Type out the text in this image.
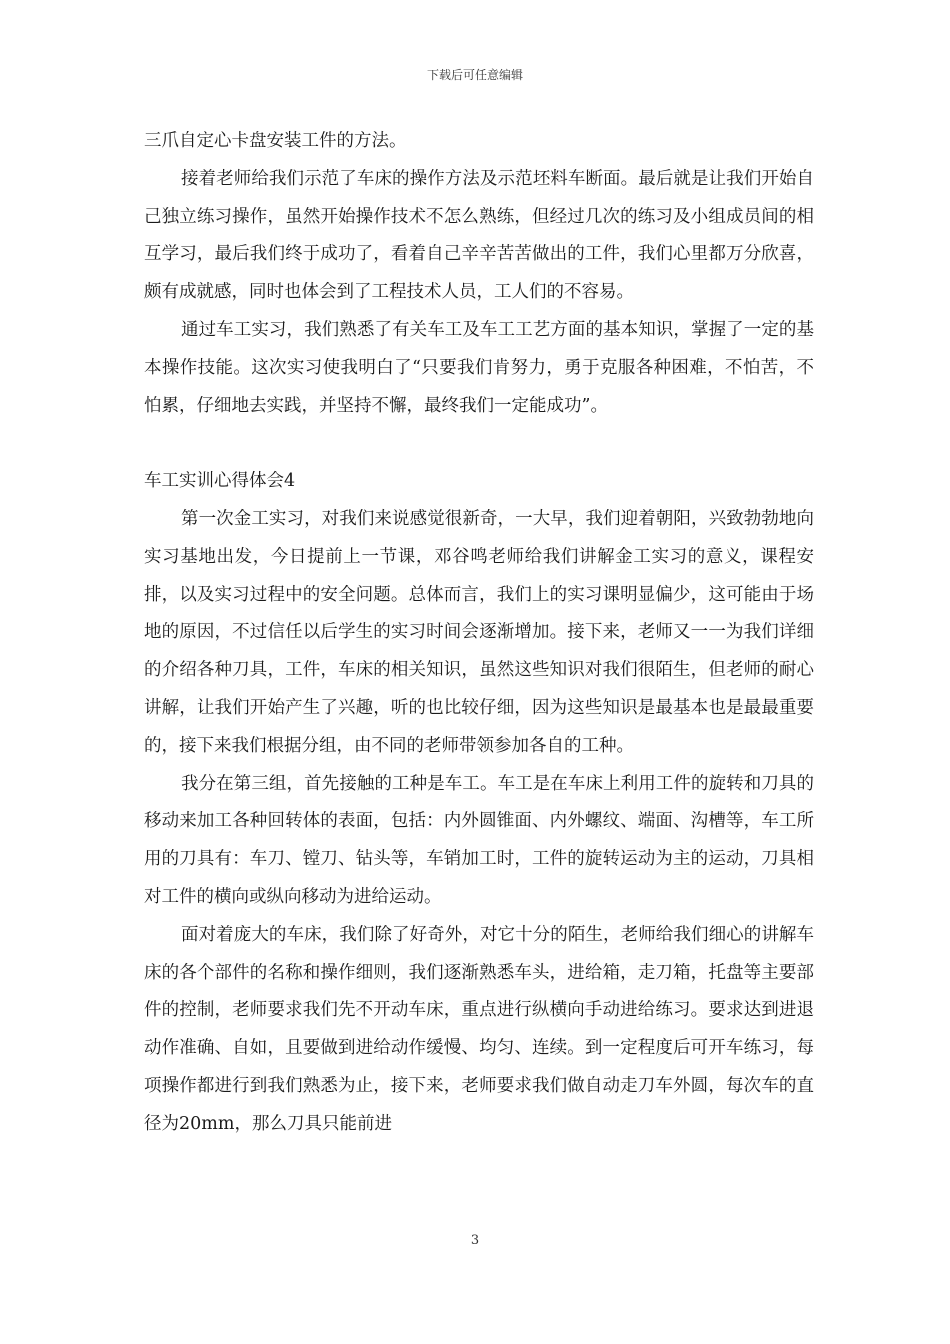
下载后可任意编辑

三爪自定心卡盘安装工件的方法。

接着老师给我们示范了车床的操作方法及示范坯料车断面。最后就是让我们开始自己独立练习操作，虽然开始操作技术不怎么熟练，但经过几次的练习及小组成员间的相互学习，最后我们终于成功了，看着自己辛辛苦苦做出的工件，我们心里都万分欣喜，颇有成就感，同时也体会到了工程技术人员，工人们的不容易。

通过车工实习，我们熟悉了有关车工及车工工艺方面的基本知识，掌握了一定的基本操作技能。这次实习使我明白了“只要我们肯努力，勇于克服各种困难，不怕苦，不怕累，仔细地去实践，并坚持不懈，最终我们一定能成功”。

车工实训心得体会4

第一次金工实习，对我们来说感觉很新奇，一大早，我们迎着朝阳，兴致勃勃地向实习基地出发，今日提前上一节课，邓谷鸣老师给我们讲解金工实习的意义，课程安排，以及实习过程中的安全问题。总体而言，我们上的实习课明显偏少，这可能由于场地的原因，不过信任以后学生的实习时间会逐渐增加。接下来，老师又一一为我们详细的介绍各种刀具，工件，车床的相关知识，虽然这些知识对我们很陌生，但老师的耐心讲解，让我们开始产生了兴趣，听的也比较仔细，因为这些知识是最基本也是最最重要的，接下来我们根据分组，由不同的老师带领参加各自的工种。

我分在第三组，首先接触的工种是车工。车工是在车床上利用工件的旋转和刀具的移动来加工各种回转体的表面，包括：内外圆锥面、内外螺纹、端面、沟槽等，车工所用的刀具有：车刀、镗刀、钻头等，车销加工时，工件的旋转运动为主的运动，刀具相对工件的横向或纵向移动为进给运动。

面对着庞大的车床，我们除了好奇外，对它十分的陌生，老师给我们细心的讲解车床的各个部件的名称和操作细则，我们逐渐熟悉车头，进给箱，走刀箱，托盘等主要部件的控制，老师要求我们先不开动车床，重点进行纵横向手动进给练习。要求达到进退动作准确、自如，且要做到进给动作缓慢、均匀、连续。到一定程度后可开车练习，每项操作都进行到我们熟悉为止，接下来，老师要求我们做自动走刀车外圆，每次车的直径为20mm，那么刀具只能前进

3
